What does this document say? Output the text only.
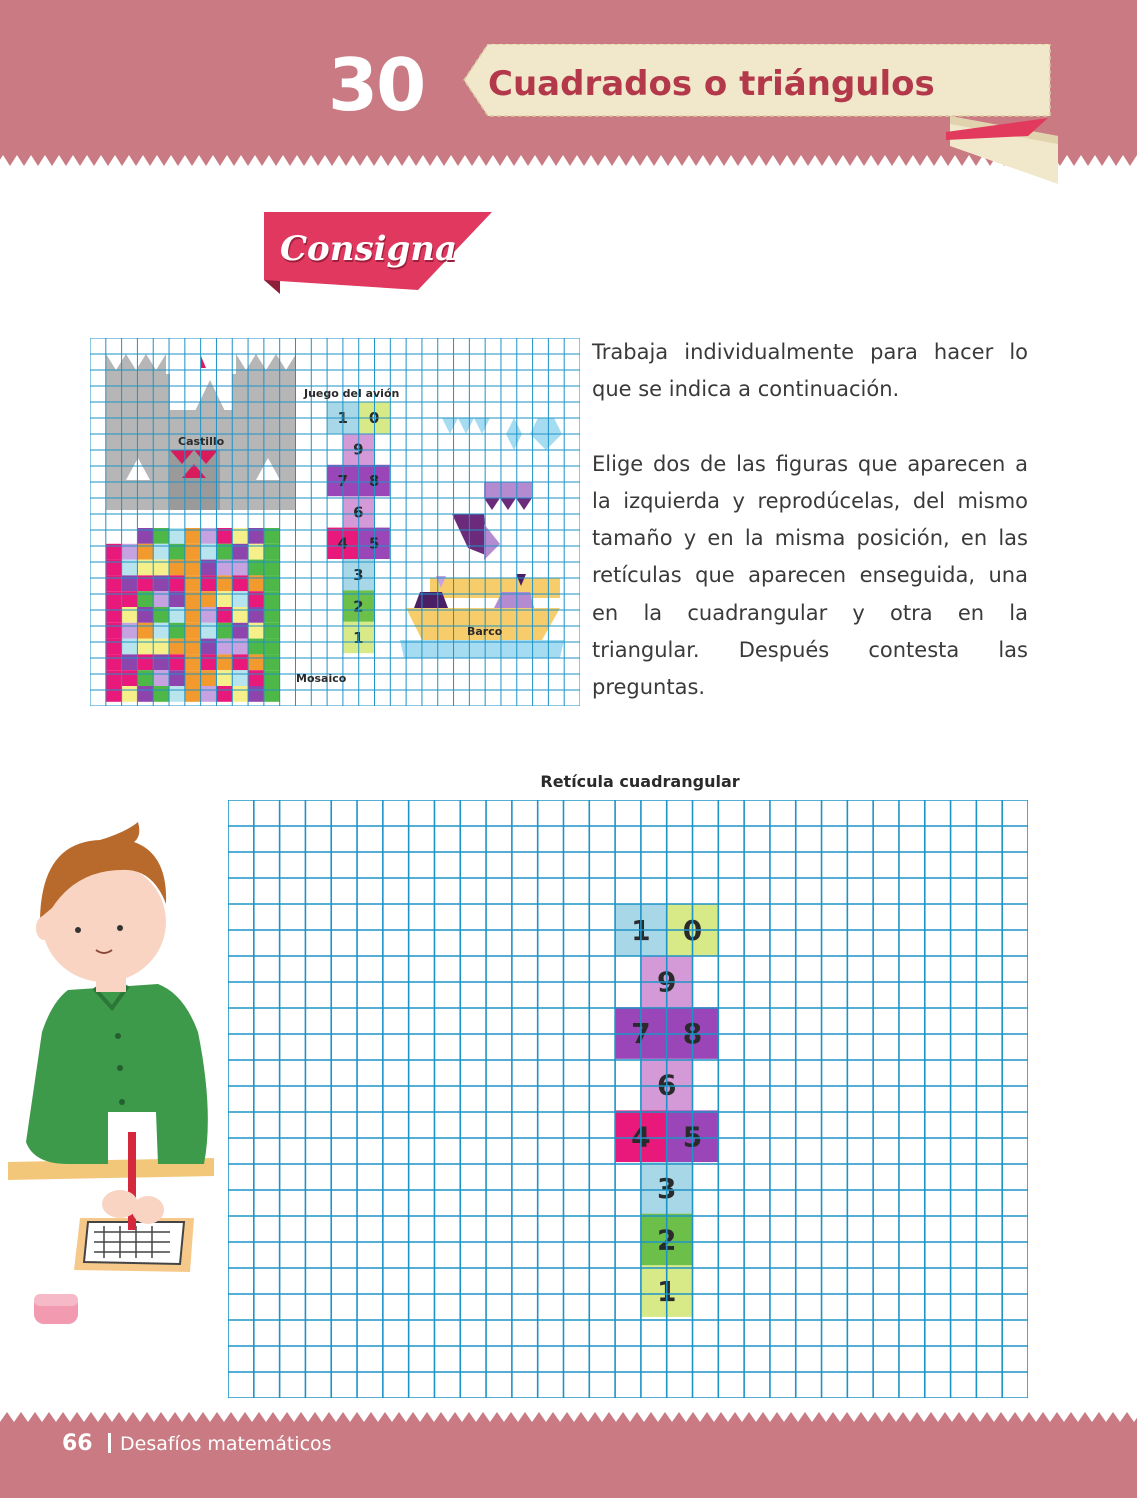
30	Cuadrados o triángulos
Consigna
1 0
9
7 8
6
4 5
3
2
1
Juego del avión
Castillo
Barco
Mosaico

Trabaja individualmente para hacer lo que se indica a continuación.

Elige dos de las figuras que aparecen a la izquierda y reprodúcelas, del mismo tamaño y en la misma posición, en las retículas que aparecen enseguida, una en la cuadrangular y otra en la triangular. Después contesta las preguntas.

Retícula cuadrangular
1 0
9
7 8
6
4 5
3
2
1
66	Desafíos matemáticos
